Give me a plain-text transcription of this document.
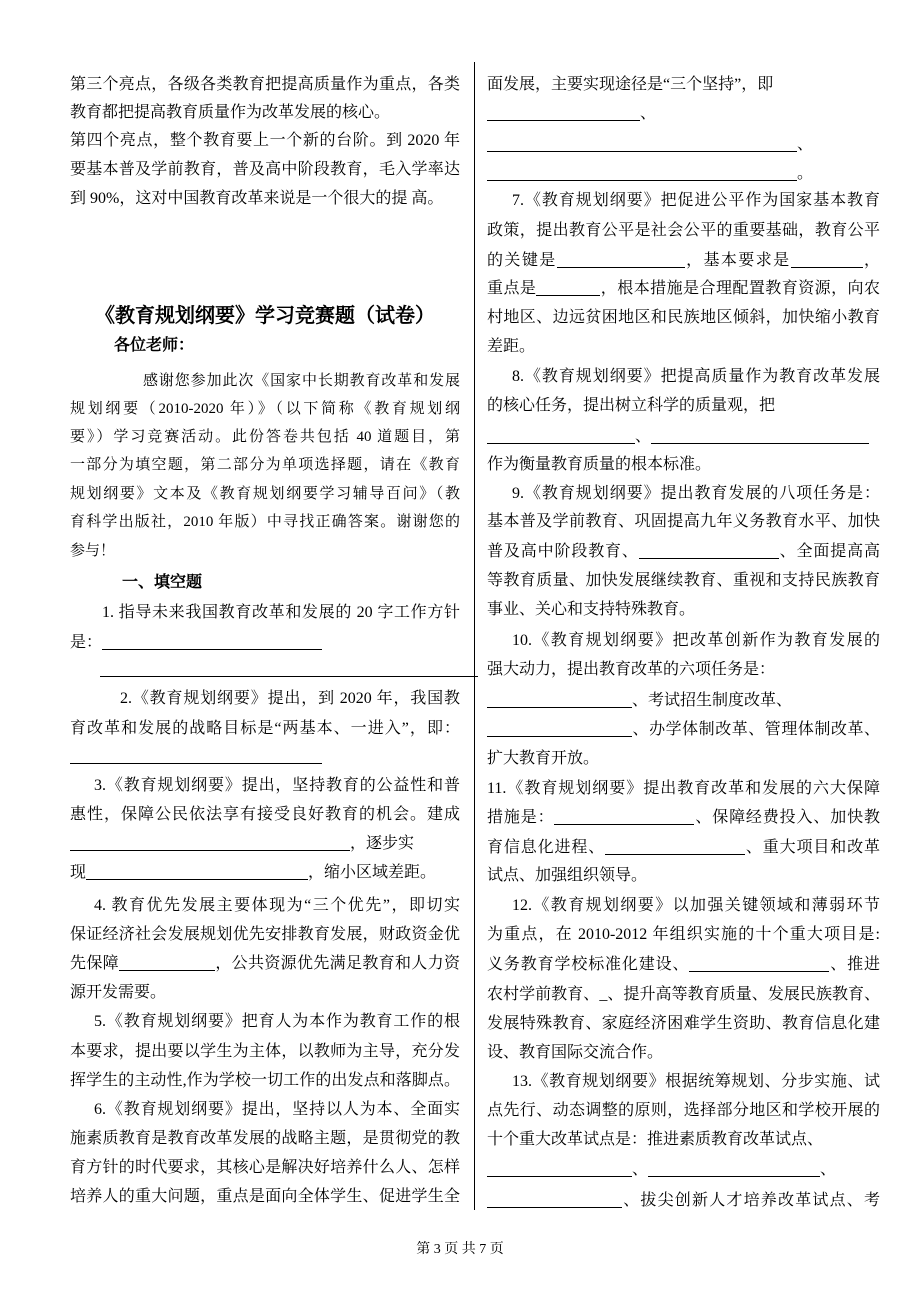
第三个亮点，各级各类教育把提高质量作为重点，各类
教育都把提高教育质量作为改革发展的核心。
第四个亮点，整个教育要上一个新的台阶。到 2020 年
要基本普及学前教育，普及高中阶段教育，毛入学率达
到 90%，这对中国教育改革来说是一个很大的提 高。
《教育规划纲要》学习竞赛题（试卷）
各位老师：
感谢您参加此次《国家中长期教育改革和发展
规划纲要（2010-2020 年）》（以下简称《教育规划纲
要》）学习竞赛活动。此份答卷共包括 40 道题目，第
一部分为填空题，第二部分为单项选择题，请在《教育
规划纲要》文本及《教育规划纲要学习辅导百问》（教
育科学出版社，2010 年版）中寻找正确答案。谢谢您的
参与！
一、填空题
1. 指导未来我国教育改革和发展的 20 字工作方针
是：
2.《教育规划纲要》提出，到 2020 年，我国教
育改革和发展的战略目标是“两基本、一进入”，即：
3.《教育规划纲要》提出，坚持教育的公益性和普
惠性，保障公民依法享有接受良好教育的机会。建成
，逐步实
现	，缩小区域差距。
4. 教育优先发展主要体现为“三个优先”，即切实
保证经济社会发展规划优先安排教育发展，财政资金优
先保障	，公共资源优先满足教育和人力资
源开发需要。
5.《教育规划纲要》把育人为本作为教育工作的根
本要求，提出要以学生为主体，以教师为主导，充分发
挥学生的主动性,作为学校一切工作的出发点和落脚点。
6.《教育规划纲要》提出，坚持以人为本、全面实
施素质教育是教育改革发展的战略主题，是贯彻党的教
育方针的时代要求，其核心是解决好培养什么人、怎样
培养人的重大问题，重点是面向全体学生、促进学生全
面发展，主要实现途径是“三个坚持”，即
、
、
。
7.《教育规划纲要》把促进公平作为国家基本教育
政策，提出教育公平是社会公平的重要基础，教育公平
的关键是	，基本要求是	，
重点是	，根本措施是合理配置教育资源，向农
村地区、边远贫困地区和民族地区倾斜，加快缩小教育
差距。
8.《教育规划纲要》把提高质量作为教育改革发展
的核心任务，提出树立科学的质量观，把
、
作为衡量教育质量的根本标准。
9.《教育规划纲要》提出教育发展的八项任务是：
基本普及学前教育、巩固提高九年义务教育水平、加快
普及高中阶段教育、	、全面提高高
等教育质量、加快发展继续教育、重视和支持民族教育
事业、关心和支持特殊教育。
10.《教育规划纲要》把改革创新作为教育发展的
强大动力，提出教育改革的六项任务是：
、考试招生制度改革、
、办学体制改革、管理体制改革、
扩大教育开放。
11.《教育规划纲要》提出教育改革和发展的六大保障
措施是：	、保障经费投入、加快教
育信息化进程、	、重大项目和改革
试点、加强组织领导。
12.《教育规划纲要》以加强关键领域和薄弱环节
为重点，在 2010-2012 年组织实施的十个重大项目是:
义务教育学校标准化建设、	、推进
农村学前教育、_、提升高等教育质量、发展民族教育、
发展特殊教育、家庭经济困难学生资助、教育信息化建
设、教育国际交流合作。
13.《教育规划纲要》根据统筹规划、分步实施、试
点先行、动态调整的原则，选择部分地区和学校开展的
十个重大改革试点是：推进素质教育改革试点、
、	、
、拔尖创新人才培养改革试点、考
第 3 页 共 7 页
